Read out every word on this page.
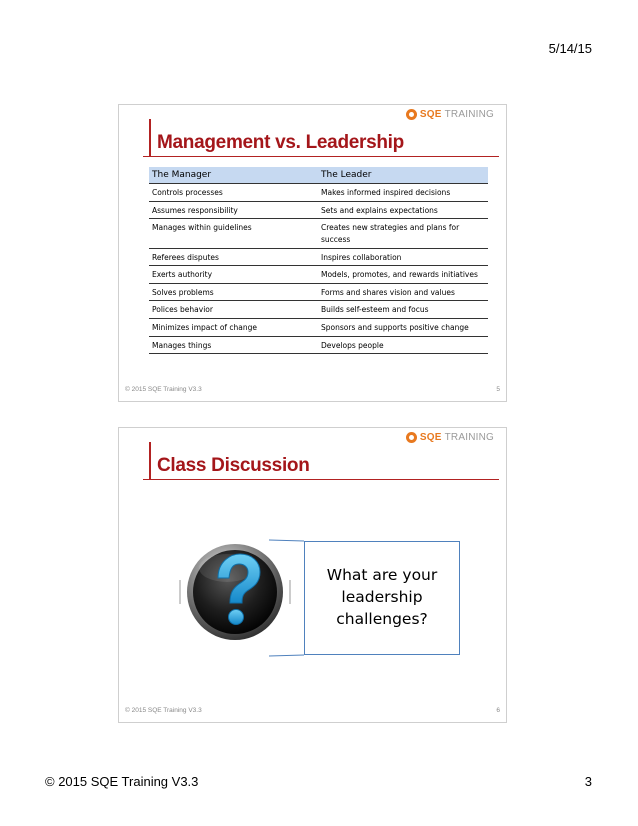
5/14/15
SQE TRAINING
Management vs. Leadership
The Manager	The Leader
Controls processes	Makes informed inspired decisions
Assumes responsibility	Sets and explains expectations
Manages within guidelines	Creates new strategies and plans for success
Referees disputes	Inspires collaboration
Exerts authority	Models, promotes, and rewards initiatives
Solves problems	Forms and shares vision and values
Polices behavior	Builds self-esteem and focus
Minimizes impact of change	Sponsors and supports positive change
Manages things	Develops people
© 2015 SQE Training V3.3	5
SQE TRAINING
Class Discussion
What are your leadership challenges?
© 2015 SQE Training V3.3	6
© 2015 SQE Training V3.3	3
